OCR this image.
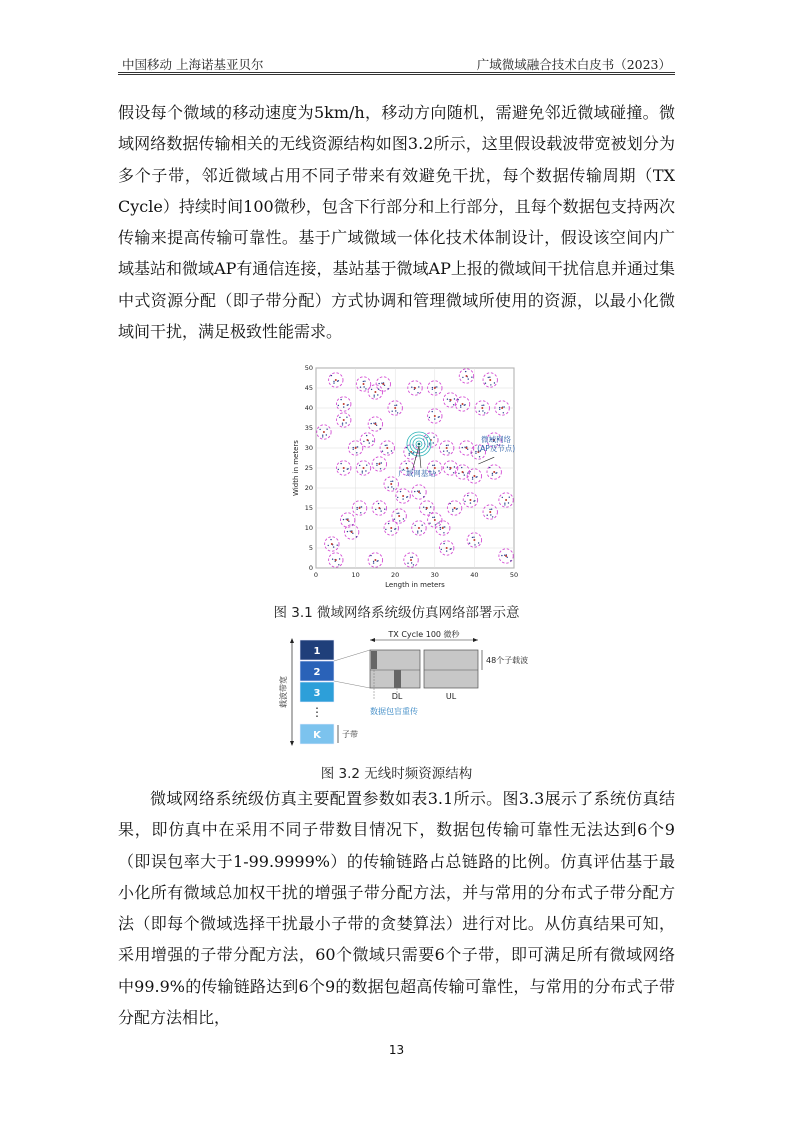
中国移动 上海诺基亚贝尔	广域微域融合技术白皮书（2023）

假设每个微域的移动速度为5km/h，移动方向随机，需避免邻近微域碰撞。微域网络数据传输相关的无线资源结构如图3.2所示，这里假设载波带宽被划分为多个子带，邻近微域占用不同子带来有效避免干扰，每个数据传输周期（TX Cycle）持续时间100微秒，包含下行部分和上行部分，且每个数据包支持两次传输来提高传输可靠性。基于广域微域一体化技术体制设计，假设该空间内广域基站和微域AP有通信连接，基站基于微域AP上报的微域间干扰信息并通过集中式资源分配（即子带分配）方式协调和管理微域所使用的资源，以最小化微域间干扰，满足极致性能需求。

0	10	20	30	40	50
0
5
10
15
20
25
30
35
40
45
50
Length in meters
Width in meters	广域网基站
微域网络
(AP及节点)
图 3.1 微域网络系统级仿真网络部署示意
1
2
3
⋮
K
载波带宽
子带
TX Cycle 100 微秒
48个子载波
DL	UL
数据包盲重传
图 3.2 无线时频资源结构

微域网络系统级仿真主要配置参数如表3.1所示。图3.3展示了系统仿真结果，即仿真中在采用不同子带数目情况下，数据包传输可靠性无法达到6个9（即误包率大于1-99.9999%）的传输链路占总链路的比例。仿真评估基于最小化所有微域总加权干扰的增强子带分配方法，并与常用的分布式子带分配方法（即每个微域选择干扰最小子带的贪婪算法）进行对比。从仿真结果可知，采用增强的子带分配方法，60个微域只需要6个子带，即可满足所有微域网络中99.9%的传输链路达到6个9的数据包超高传输可靠性，与常用的分布式子带分配方法相比，

13
